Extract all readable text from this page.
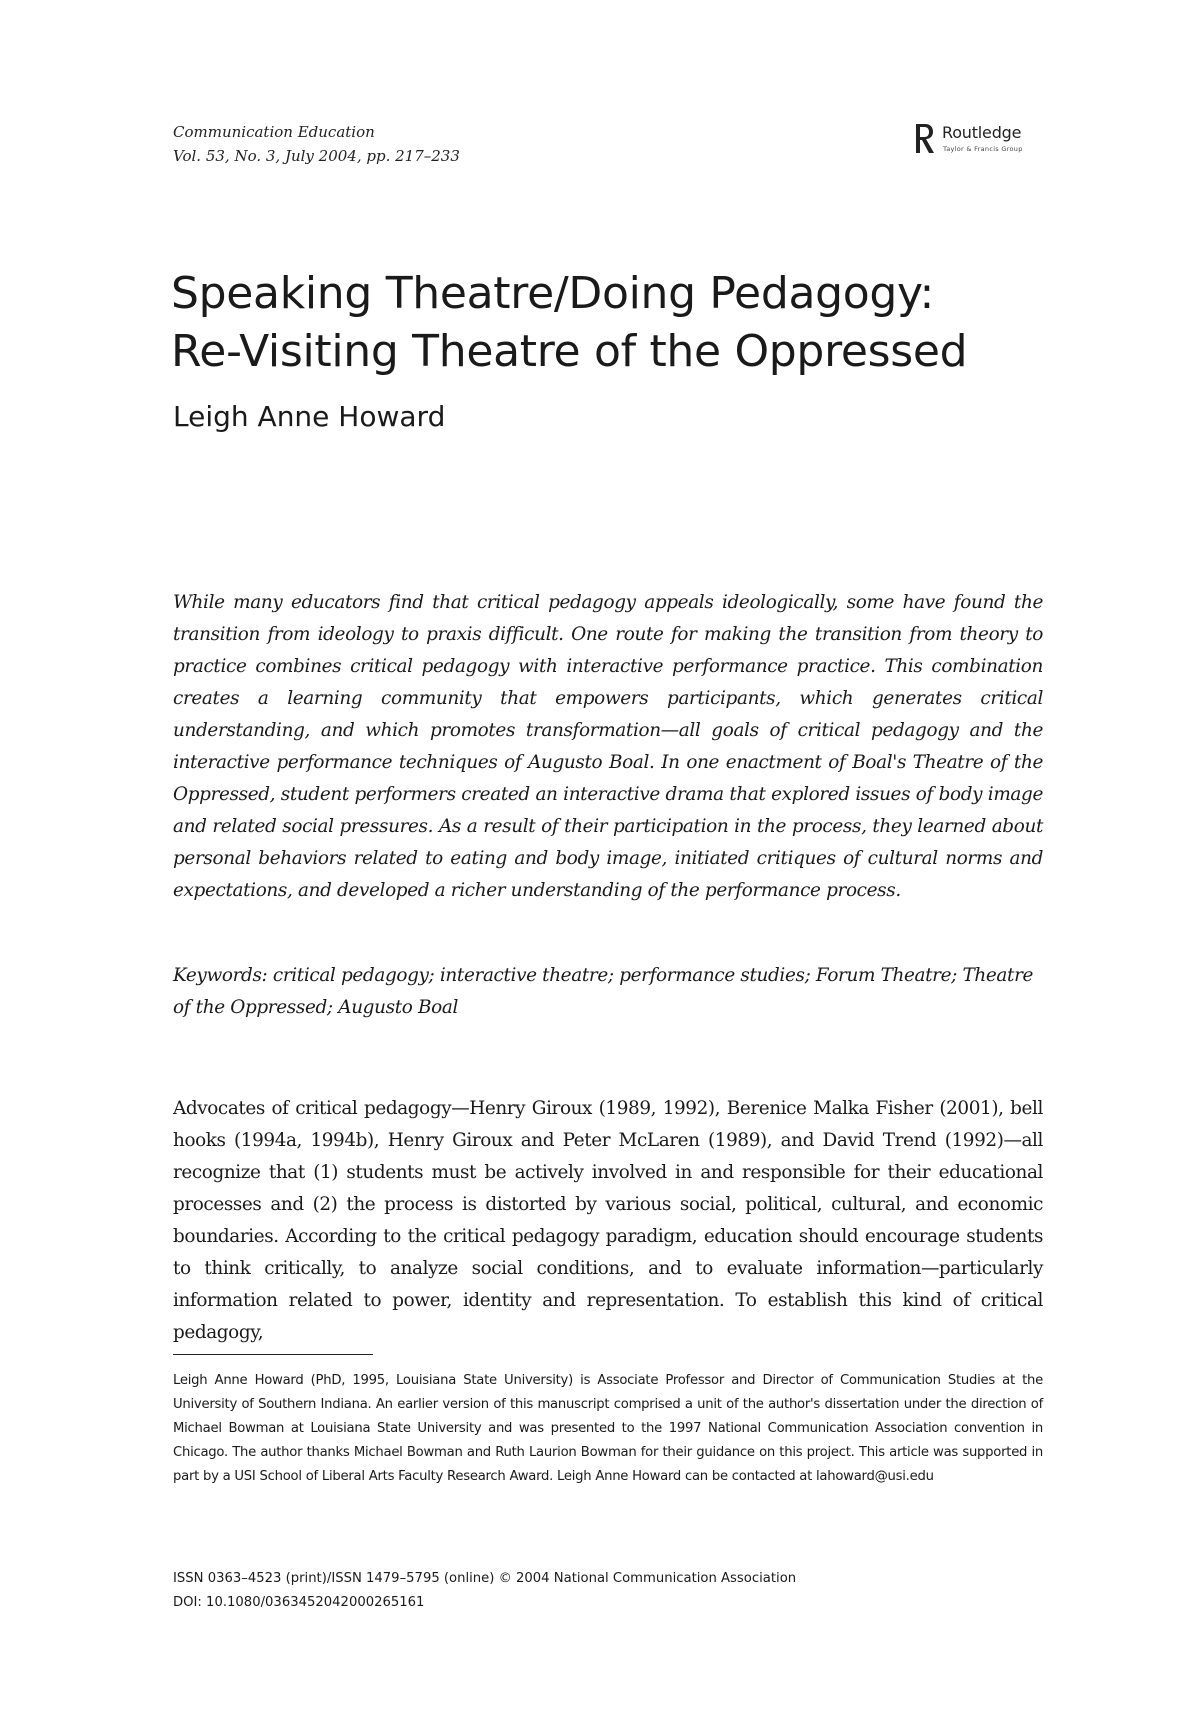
Communication Education
Vol. 53, No. 3, July 2004, pp. 217–233
Routledge
Taylor & Francis Group
Speaking Theatre/Doing Pedagogy:
Re-Visiting Theatre of the Oppressed
Leigh Anne Howard
While many educators find that critical pedagogy appeals ideologically, some have found the transition from ideology to praxis difficult. One route for making the transition from theory to practice combines critical pedagogy with interactive performance practice. This combination creates a learning community that empowers participants, which generates critical understanding, and which promotes transformation—all goals of critical pedagogy and the interactive performance techniques of Augusto Boal. In one enactment of Boal's Theatre of the Oppressed, student performers created an interactive drama that explored issues of body image and related social pressures. As a result of their participation in the process, they learned about personal behaviors related to eating and body image, initiated critiques of cultural norms and expectations, and developed a richer understanding of the performance process.
Keywords: critical pedagogy; interactive theatre; performance studies; Forum Theatre; Theatre of the Oppressed; Augusto Boal
Advocates of critical pedagogy—Henry Giroux (1989, 1992), Berenice Malka Fisher (2001), bell hooks (1994a, 1994b), Henry Giroux and Peter McLaren (1989), and David Trend (1992)—all recognize that (1) students must be actively involved in and responsible for their educational processes and (2) the process is distorted by various social, political, cultural, and economic boundaries. According to the critical pedagogy paradigm, education should encourage students to think critically, to analyze social conditions, and to evaluate information—particularly information related to power, identity and representation. To establish this kind of critical pedagogy,
Leigh Anne Howard (PhD, 1995, Louisiana State University) is Associate Professor and Director of Communication Studies at the University of Southern Indiana. An earlier version of this manuscript comprised a unit of the author's dissertation under the direction of Michael Bowman at Louisiana State University and was presented to the 1997 National Communication Association convention in Chicago. The author thanks Michael Bowman and Ruth Laurion Bowman for their guidance on this project. This article was supported in part by a USI School of Liberal Arts Faculty Research Award. Leigh Anne Howard can be contacted at lahoward@usi.edu
ISSN 0363–4523 (print)/ISSN 1479–5795 (online) © 2004 National Communication Association
DOI: 10.1080/0363452042000265161
